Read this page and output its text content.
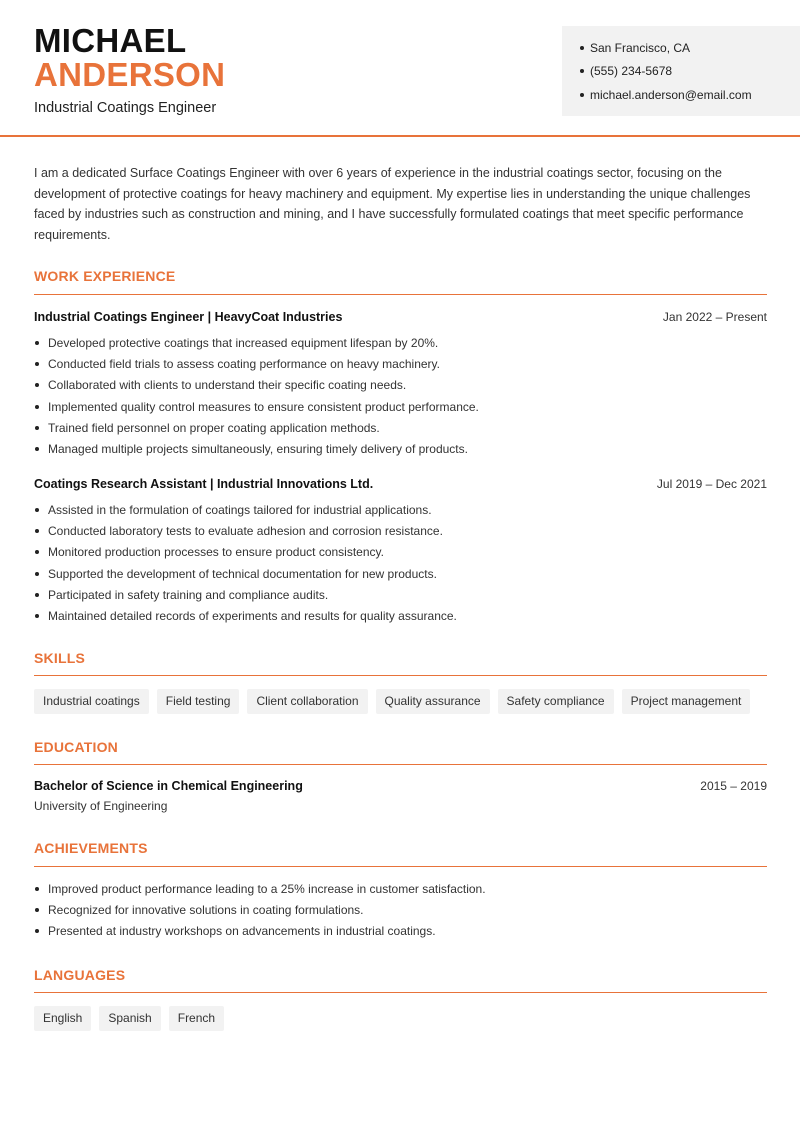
MICHAEL
ANDERSON
Industrial Coatings Engineer
San Francisco, CA
(555) 234-5678
michael.anderson@email.com

I am a dedicated Surface Coatings Engineer with over 6 years of experience in the industrial coatings sector, focusing on the development of protective coatings for heavy machinery and equipment. My expertise lies in understanding the unique challenges faced by industries such as construction and mining, and I have successfully formulated coatings that meet specific performance requirements.

WORK EXPERIENCE
Industrial Coatings Engineer | HeavyCoat Industries	Jan 2022 – Present
Developed protective coatings that increased equipment lifespan by 20%.
Conducted field trials to assess coating performance on heavy machinery.
Collaborated with clients to understand their specific coating needs.
Implemented quality control measures to ensure consistent product performance.
Trained field personnel on proper coating application methods.
Managed multiple projects simultaneously, ensuring timely delivery of products.
Coatings Research Assistant | Industrial Innovations Ltd.	Jul 2019 – Dec 2021
Assisted in the formulation of coatings tailored for industrial applications.
Conducted laboratory tests to evaluate adhesion and corrosion resistance.
Monitored production processes to ensure product consistency.
Supported the development of technical documentation for new products.
Participated in safety training and compliance audits.
Maintained detailed records of experiments and results for quality assurance.
SKILLS
Industrial coatings	Field testing	Client collaboration	Quality assurance	Safety compliance	Project management
EDUCATION
Bachelor of Science in Chemical Engineering	2015 – 2019
University of Engineering
ACHIEVEMENTS
Improved product performance leading to a 25% increase in customer satisfaction.
Recognized for innovative solutions in coating formulations.
Presented at industry workshops on advancements in industrial coatings.
LANGUAGES
English	Spanish	French
